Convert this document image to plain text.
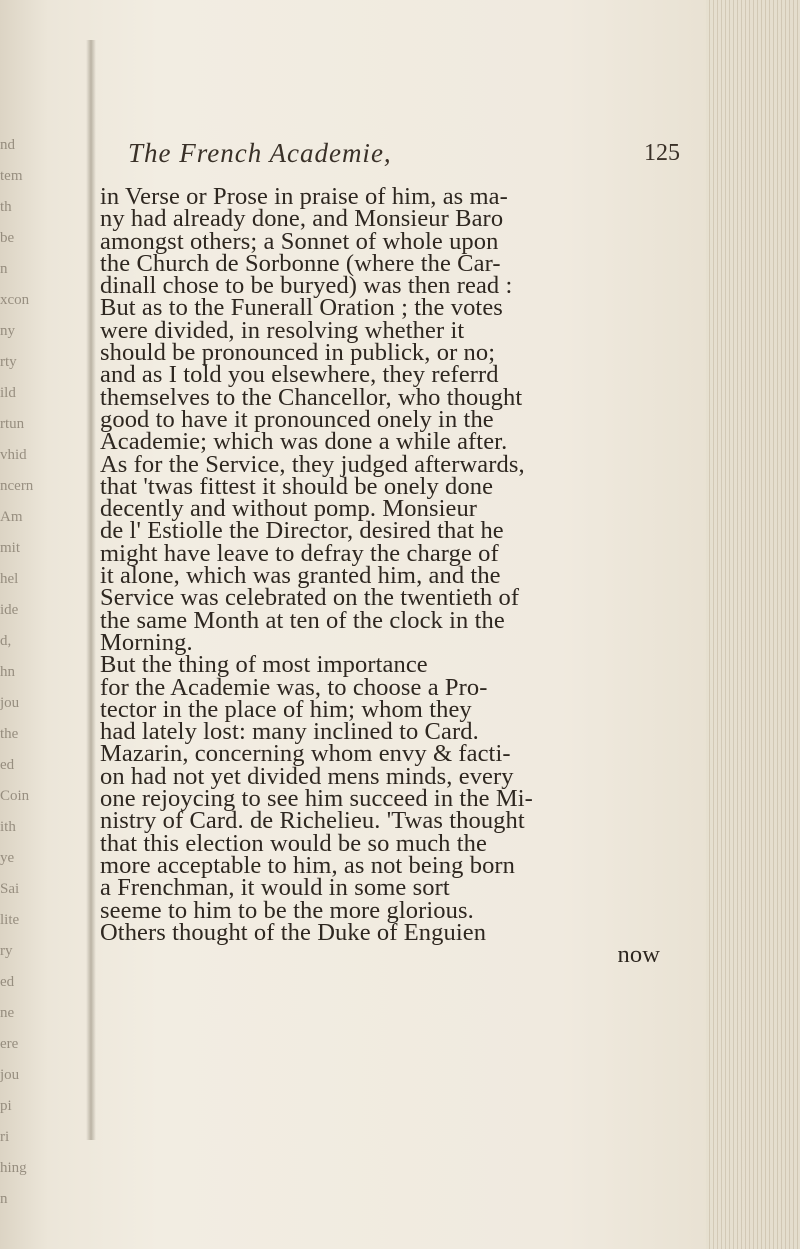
nd
tem
th
be
n
xcon
ny
rty
ild
rtun
vhid
ncern
Am
mit
hel
ide
d,
hn
jou
the
ed
Coin
ith
ye
Sai
lite
ry
ed
ne
ere
jou
pi
ri
hing
n
The French Academie,	125
in Verse or Prose in praise of him, as ma-
ny had already done, and Monsieur Baro
amongst others; a Sonnet of whole upon
the Church de Sorbonne (where the Car-
dinall chose to be buryed) was then read :
But as to the Funerall Oration ; the votes
were divided, in resolving whether it
should be pronounced in publick, or no;
and as I told you elsewhere, they referrd
themselves to the Chancellor, who thought
good to have it pronounced onely in the
Academie; which was done a while after.
As for the Service, they judged afterwards,
that 'twas fittest it should be onely done
decently and without pomp. Monsieur
de l' Estiolle the Director, desired that he
might have leave to defray the charge of
it alone, which was granted him, and the
Service was celebrated on the twentieth of
the same Month at ten of the clock in the
Morning.
But the thing of most importance
for the Academie was, to choose a Pro-
tector in the place of him; whom they
had lately lost: many inclined to Card.
Mazarin, concerning whom envy & facti-
on had not yet divided mens minds, every
one rejoycing to see him succeed in the Mi-
nistry of Card. de Richelieu. 'Twas thought
that this election would be so much the
more acceptable to him, as not being born
a Frenchman, it would in some sort
seeme to him to be the more glorious.
Others thought of the Duke of Enguien
now
